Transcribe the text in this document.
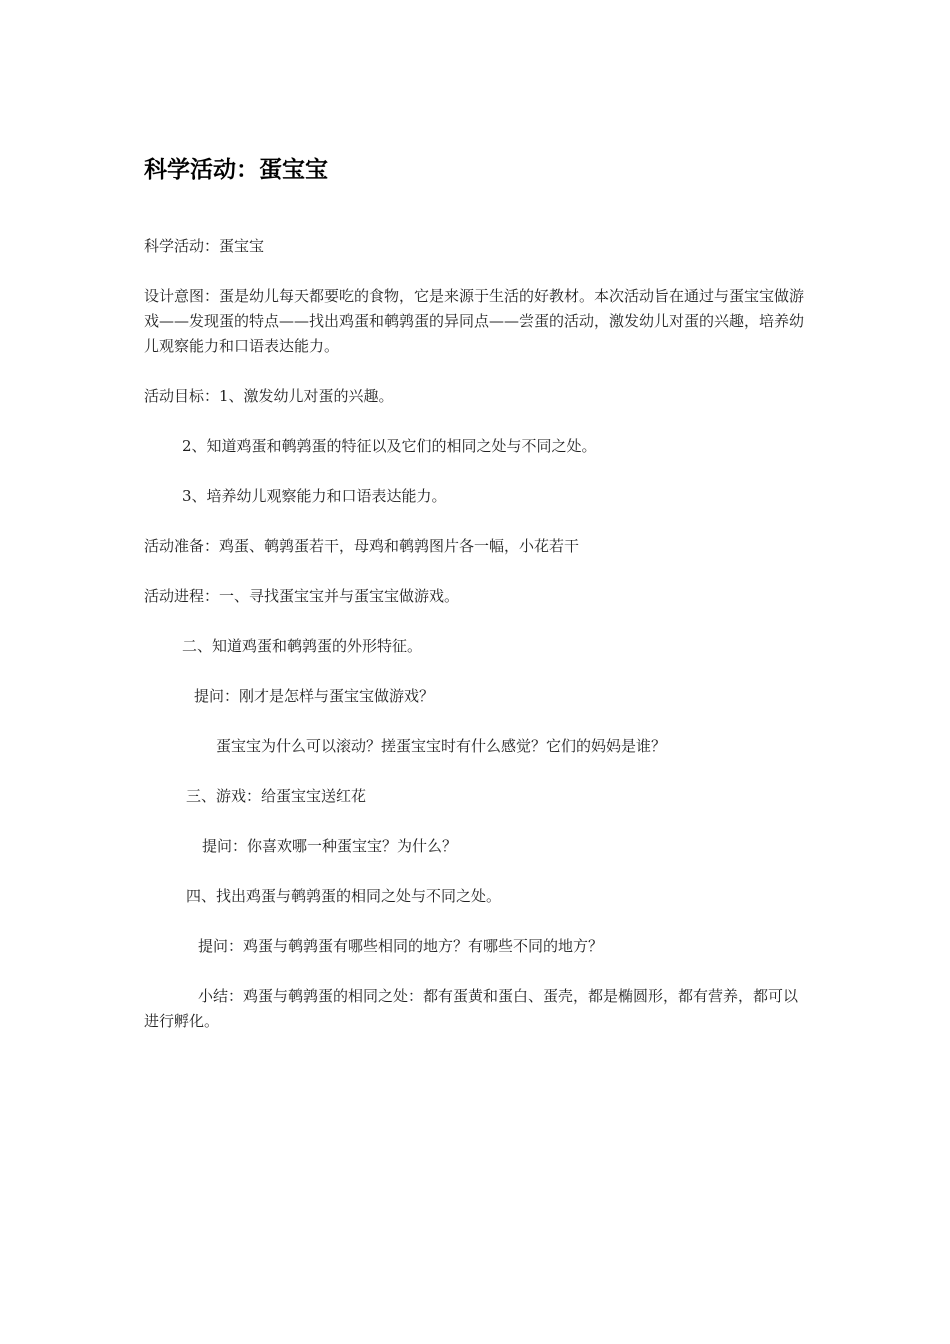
科学活动：蛋宝宝

科学活动：蛋宝宝

设计意图：蛋是幼儿每天都要吃的食物，它是来源于生活的好教材。本次活动旨在通过与蛋宝宝做游戏——发现蛋的特点——找出鸡蛋和鹌鹑蛋的异同点——尝蛋的活动，激发幼儿对蛋的兴趣，培养幼儿观察能力和口语表达能力。

活动目标：1、激发幼儿对蛋的兴趣。

2、知道鸡蛋和鹌鹑蛋的特征以及它们的相同之处与不同之处。

3、培养幼儿观察能力和口语表达能力。

活动准备：鸡蛋、鹌鹑蛋若干，母鸡和鹌鹑图片各一幅，小花若干

活动进程：一、寻找蛋宝宝并与蛋宝宝做游戏。

二、知道鸡蛋和鹌鹑蛋的外形特征。

提问：刚才是怎样与蛋宝宝做游戏？

蛋宝宝为什么可以滚动？搓蛋宝宝时有什么感觉？它们的妈妈是谁？

三、游戏：给蛋宝宝送红花

提问：你喜欢哪一种蛋宝宝？为什么？

四、找出鸡蛋与鹌鹑蛋的相同之处与不同之处。

提问：鸡蛋与鹌鹑蛋有哪些相同的地方？有哪些不同的地方？

小结：鸡蛋与鹌鹑蛋的相同之处：都有蛋黄和蛋白、蛋壳，都是椭圆形，都有营养，都可以进行孵化。
